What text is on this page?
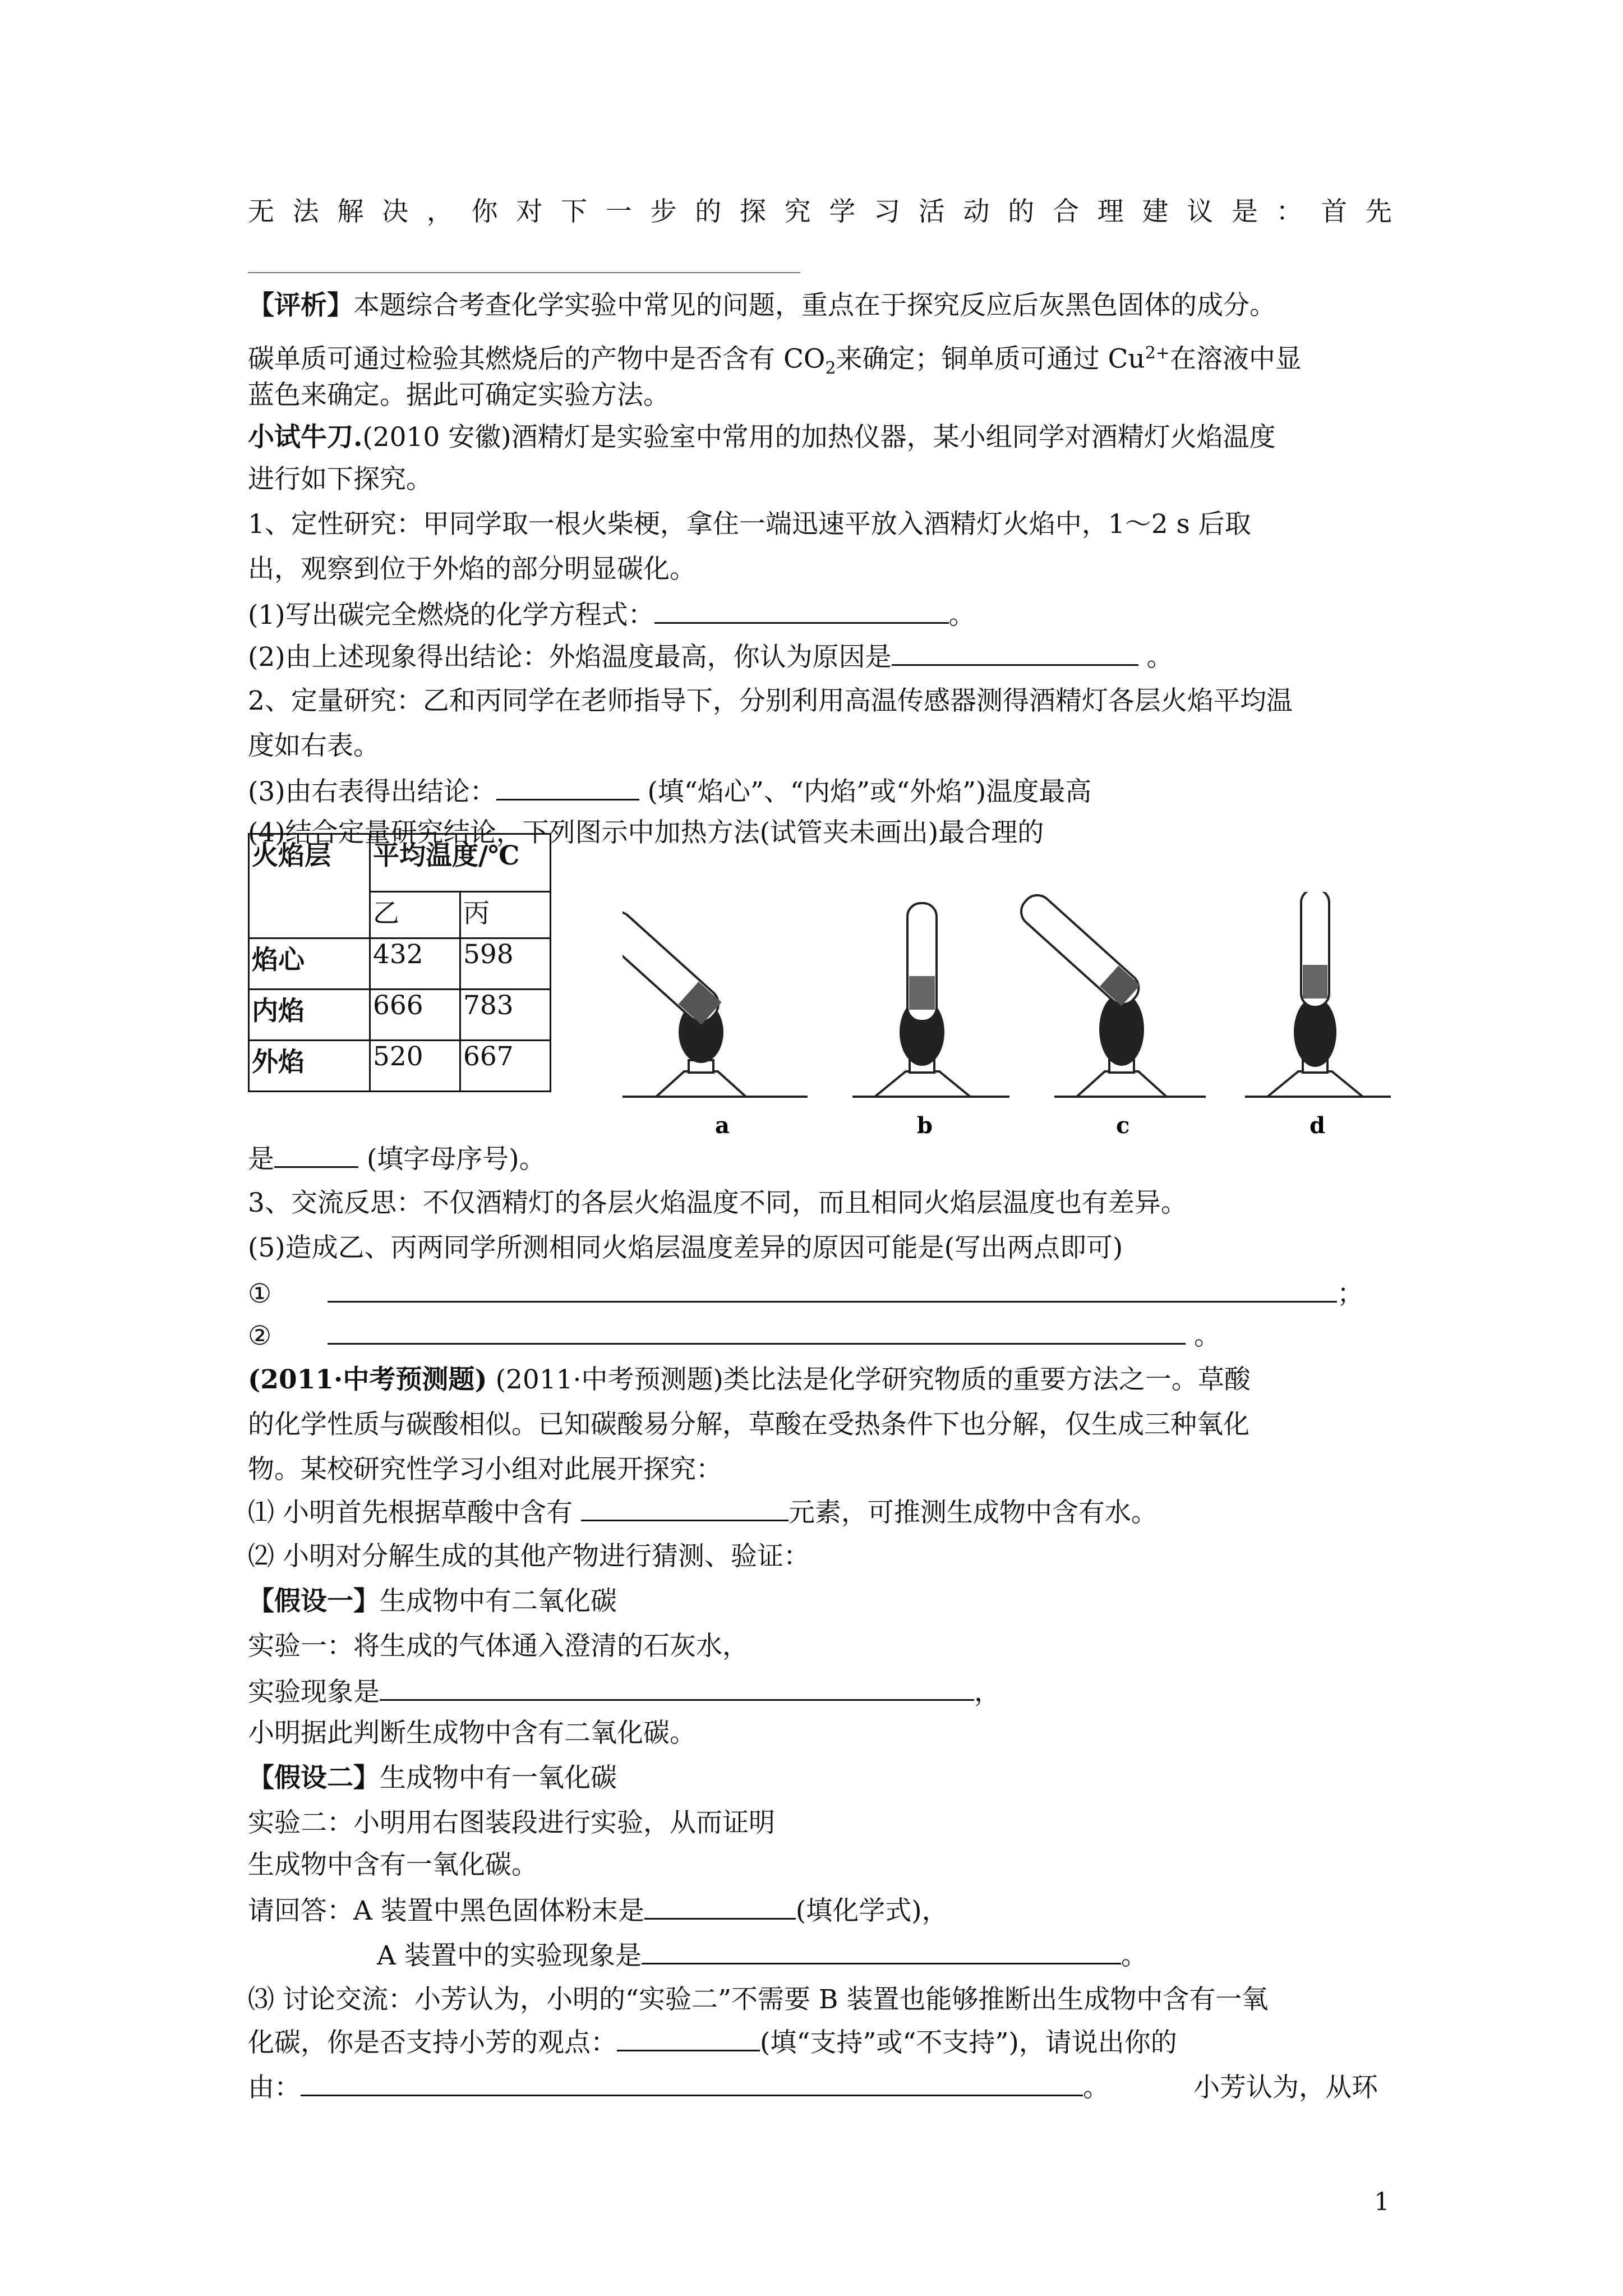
无法解决，你对下一步的探究学习活动的合理建议是：首先
【评析】本题综合考查化学实验中常见的问题，重点在于探究反应后灰黑色固体的成分。
碳单质可通过检验其燃烧后的产物中是否含有 $CO_2$来确定；铜单质可通过 $Cu^{2+}$在溶液中显
蓝色来确定。据此可确定实验方法。
小试牛刀.(2010 安徽)酒精灯是实验室中常用的加热仪器，某小组同学对酒精灯火焰温度
进行如下探究。
1、定性研究：甲同学取一根火柴梗，拿住一端迅速平放入酒精灯火焰中，1～2 s 后取
出，观察到位于外焰的部分明显碳化。
(1)写出碳完全燃烧的化学方程式：	。
(2)由上述现象得出结论：外焰温度最高，你认为原因是	。
2、定量研究：乙和丙同学在老师指导下，分别利用高温传感器测得酒精灯各层火焰平均温
度如右表。
(3)由右表得出结论：	(填“焰心”、“内焰”或“外焰”)温度最高
(4)结合定量研究结论，下列图示中加热方法(试管夹未画出)最合理的
火焰层	平均温度/℃	
	乙	丙
焰心	432	598
内焰	666	783
外焰	520	667
a	b	c	d
是	(填字母序号)。
3、交流反思：不仅酒精灯的各层火焰温度不同，而且相同火焰层温度也有差异。
(5)造成乙、丙两同学所测相同火焰层温度差异的原因可能是(写出两点即可)
①	；
②	。
(2011·中考预测题) (2011·中考预测题)类比法是化学研究物质的重要方法之一。草酸
的化学性质与碳酸相似。已知碳酸易分解，草酸在受热条件下也分解，仅生成三种氧化
物。某校研究性学习小组对此展开探究：
⑴ 小明首先根据草酸中含有	元素，可推测生成物中含有水。
⑵ 小明对分解生成的其他产物进行猜测、验证：
【假设一】生成物中有二氧化碳
实验一：将生成的气体通入澄清的石灰水，
实验现象是	，
小明据此判断生成物中含有二氧化碳。
【假设二】生成物中有一氧化碳
实验二：小明用右图装段进行实验，从而证明
生成物中含有一氧化碳。
请回答：A 装置中黑色固体粉末是	(填化学式)，
A 装置中的实验现象是	。
⑶ 讨论交流：小芳认为，小明的“实验二”不需要 B 装置也能够推断出生成物中含有一氧
化碳，你是否支持小芳的观点：	(填“支持”或“不支持”)，请说出你的
由：	。	小芳认为，从环
1
